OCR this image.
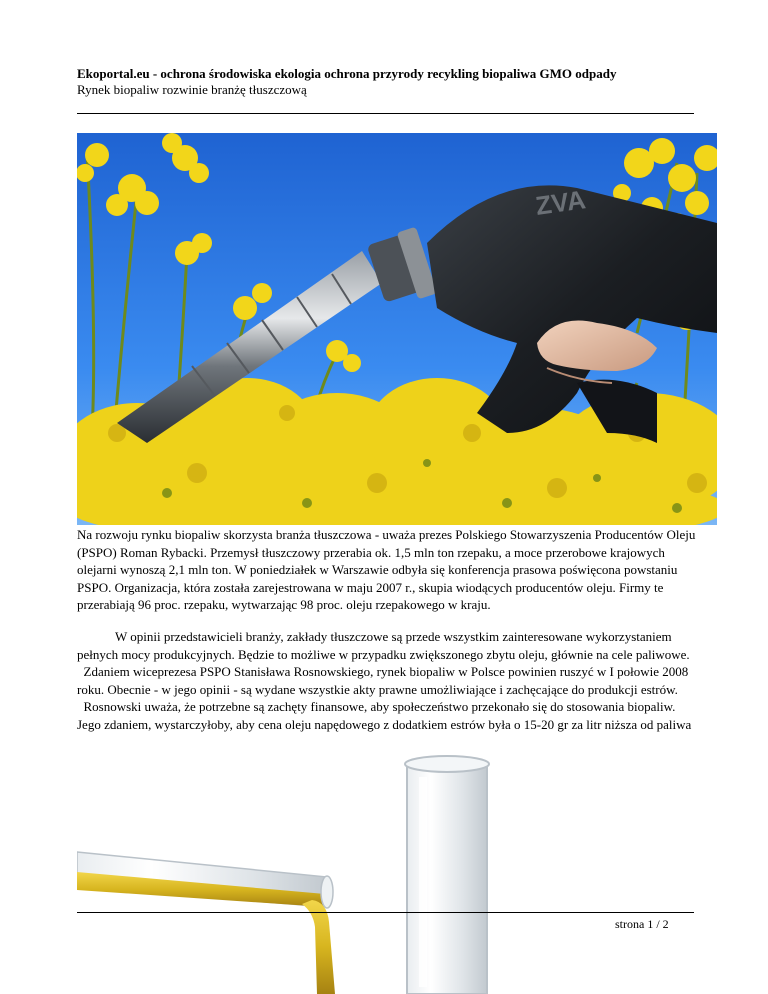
Ekoportal.eu - ochrona środowiska ekologia ochrona przyrody recykling biopaliwa GMO odpady
Rynek biopaliw rozwinie branżę tłuszczową
ZVA
Na rozwoju rynku biopaliw skorzysta branża tłuszczowa - uważa prezes Polskiego Stowarzyszenia Producentów Oleju (PSPO) Roman Rybacki. Przemysł tłuszczowy przerabia ok. 1,5 mln ton rzepaku, a moce przerobowe krajowych olejarni wynoszą 2,1 mln ton. W poniedziałek w Warszawie odbyła się konferencja prasowa poświęcona powstaniu PSPO. Organizacja, która została zarejestrowana w maju 2007 r., skupia wiodących producentów oleju. Firmy te przerabiają 96 proc. rzepaku, wytwarzając 98 proc. oleju rzepakowego w kraju.
W opinii przedstawicieli branży, zakłady tłuszczowe są przede wszystkim zainteresowane wykorzystaniem pełnych mocy produkcyjnych. Będzie to możliwe w przypadku zwiększonego zbytu oleju, głównie na cele paliwowe.
Zdaniem wiceprezesa PSPO Stanisława Rosnowskiego, rynek biopaliw w Polsce powinien ruszyć w I połowie 2008 roku. Obecnie - w jego opinii - są wydane wszystkie akty prawne umożliwiające i zachęcające do produkcji estrów.
Rosnowski uważa, że potrzebne są zachęty finansowe, aby społeczeństwo przekonało się do stosowania biopaliw. Jego zdaniem, wystarczyłoby, aby cena oleju napędowego z dodatkiem estrów była o 15-20 gr za litr niższa od paliwa
strona 1 / 2
